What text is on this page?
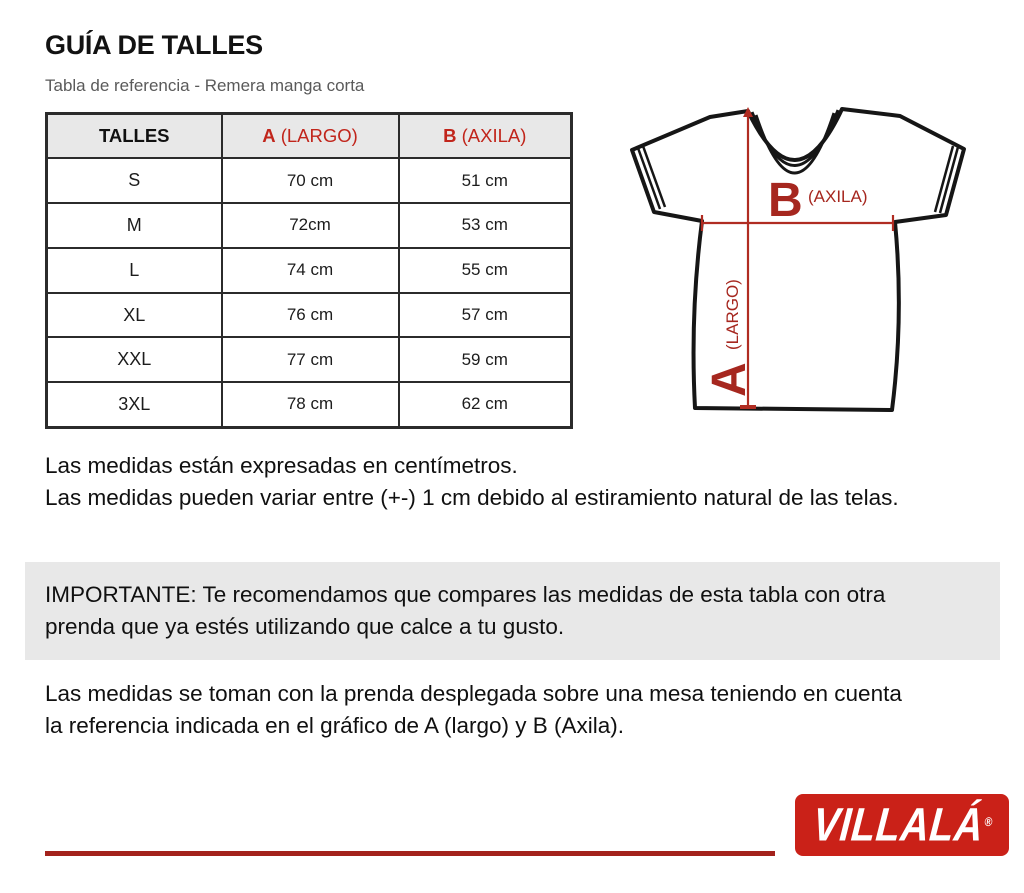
GUÍA DE TALLES
Tabla de referencia - Remera manga corta
TALLES	A (LARGO)	B (AXILA)
S	70 cm	51 cm
M	72cm	53 cm
L	74 cm	55 cm
XL	76 cm	57 cm
XXL	77 cm	59 cm
3XL	78 cm	62 cm
B (AXILA)
A
(LARGO)
Las medidas están expresadas en centímetros.
Las medidas pueden variar entre (+-) 1 cm debido al estiramiento natural de las telas.
IMPORTANTE: Te recomendamos que compares las medidas de esta tabla con otra prenda que ya estés utilizando que calce a tu gusto.
Las medidas se toman con la prenda desplegada sobre una mesa teniendo en cuenta la referencia indicada en el gráfico de A (largo) y B (Axila).
VILLALÁ®
